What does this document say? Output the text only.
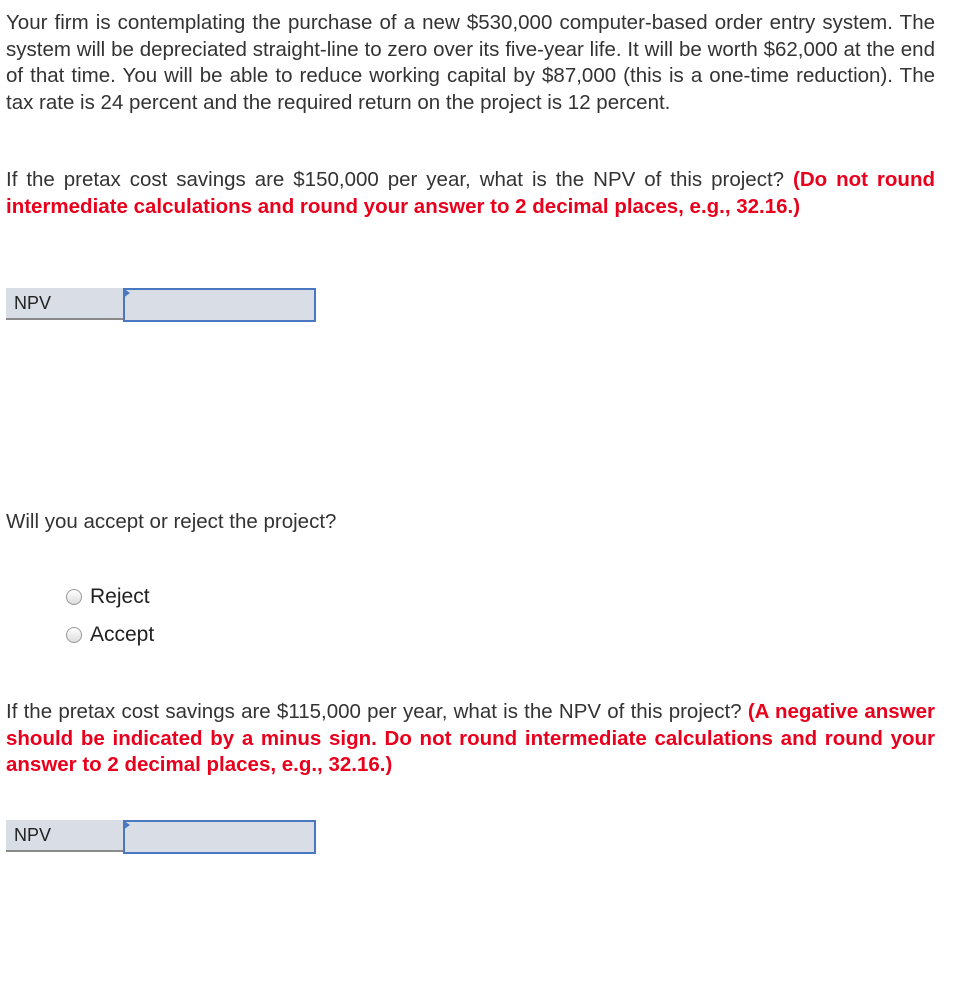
Your firm is contemplating the purchase of a new $530,000 computer-based order entry system. The system will be depreciated straight-line to zero over its five-year life. It will be worth $62,000 at the end of that time. You will be able to reduce working capital by $87,000 (this is a one-time reduction). The tax rate is 24 percent and the required return on the project is 12 percent.

If the pretax cost savings are $150,000 per year, what is the NPV of this project? (Do not round intermediate calculations and round your answer to 2 decimal places, e.g., 32.16.)

NPV

Will you accept or reject the project?

Reject
Accept

If the pretax cost savings are $115,000 per year, what is the NPV of this project? (A negative answer should be indicated by a minus sign. Do not round intermediate calculations and round your answer to 2 decimal places, e.g., 32.16.)

NPV
